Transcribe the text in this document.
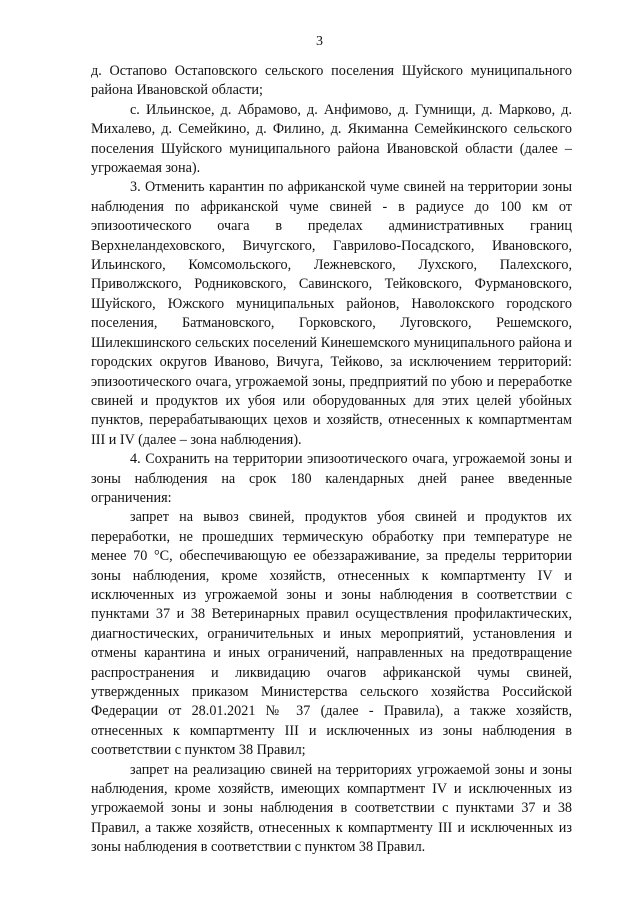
3

д. Остапово Остаповского сельского поселения Шуйского муниципального района Ивановской области;

с. Ильинское, д. Абрамово, д. Анфимово, д. Гумнищи, д. Марково, д. Михалево, д. Семейкино, д. Филино, д. Якиманна Семейкинского сельского поселения Шуйского муниципального района Ивановской области (далее – угрожаемая зона).

3. Отменить карантин по африканской чуме свиней на территории зоны наблюдения по африканской чуме свиней - в радиусе до 100 км от эпизоотического очага в пределах административных границ Верхнеландеховского, Вичугского, Гаврилово-Посадского, Ивановского, Ильинского, Комсомольского, Лежневского, Лухского, Палехского, Приволжского, Родниковского, Савинского, Тейковского, Фурмановского, Шуйского, Южского муниципальных районов, Наволокского городского поселения, Батмановского, Горковского, Луговского, Решемского, Шилекшинского сельских поселений Кинешемского муниципального района и городских округов Иваново, Вичуга, Тейково, за исключением территорий: эпизоотического очага, угрожаемой зоны, предприятий по убою и переработке свиней и продуктов их убоя или оборудованных для этих целей убойных пунктов, перерабатывающих цехов и хозяйств, отнесенных к компартментам III и IV (далее – зона наблюдения).

4. Сохранить на территории эпизоотического очага, угрожаемой зоны и зоны наблюдения на срок 180 календарных дней ранее введенные ограничения:

запрет на вывоз свиней, продуктов убоя свиней и продуктов их переработки, не прошедших термическую обработку при температуре не менее 70 °С, обеспечивающую ее обеззараживание, за пределы территории зоны наблюдения, кроме хозяйств, отнесенных к компартменту IV и исключенных из угрожаемой зоны и зоны наблюдения в соответствии с пунктами 37 и 38 Ветеринарных правил осуществления профилактических, диагностических, ограничительных и иных мероприятий, установления и отмены карантина и иных ограничений, направленных на предотвращение распространения и ликвидацию очагов африканской чумы свиней, утвержденных приказом Министерства сельского хозяйства Российской Федерации от 28.01.2021 № 37 (далее - Правила), а также хозяйств, отнесенных к компартменту III и исключенных из зоны наблюдения в соответствии с пунктом 38 Правил;

запрет на реализацию свиней на территориях угрожаемой зоны и зоны наблюдения, кроме хозяйств, имеющих компартмент IV и исключенных из угрожаемой зоны и зоны наблюдения в соответствии с пунктами 37 и 38 Правил, а также хозяйств, отнесенных к компартменту III и исключенных из зоны наблюдения в соответствии с пунктом 38 Правил.
